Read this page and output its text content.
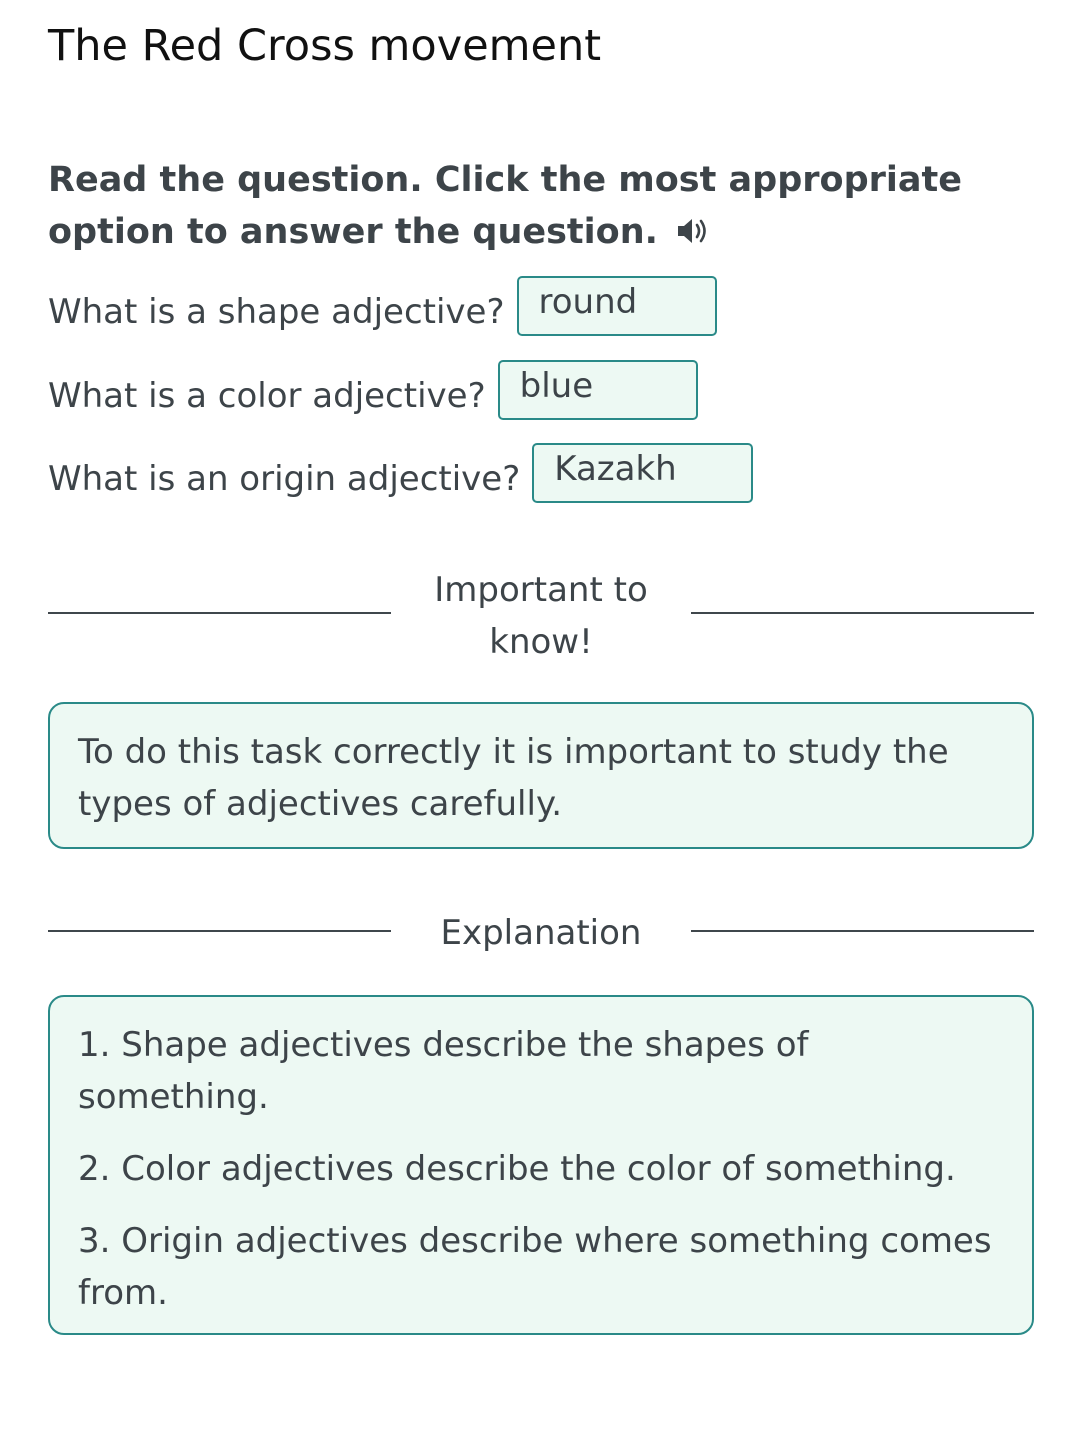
The Red Cross movement
Read the question. Click the most appropriate option to answer the question.
What is a shape adjective?	round
What is a color adjective?	blue
What is an origin adjective?	Kazakh
Important to know!

To do this task correctly it is important to study the types of adjectives carefully.

Explanation

1. Shape adjectives describe the shapes of something.

2. Color adjectives describe the color of something.

3. Origin adjectives describe where something comes from.
